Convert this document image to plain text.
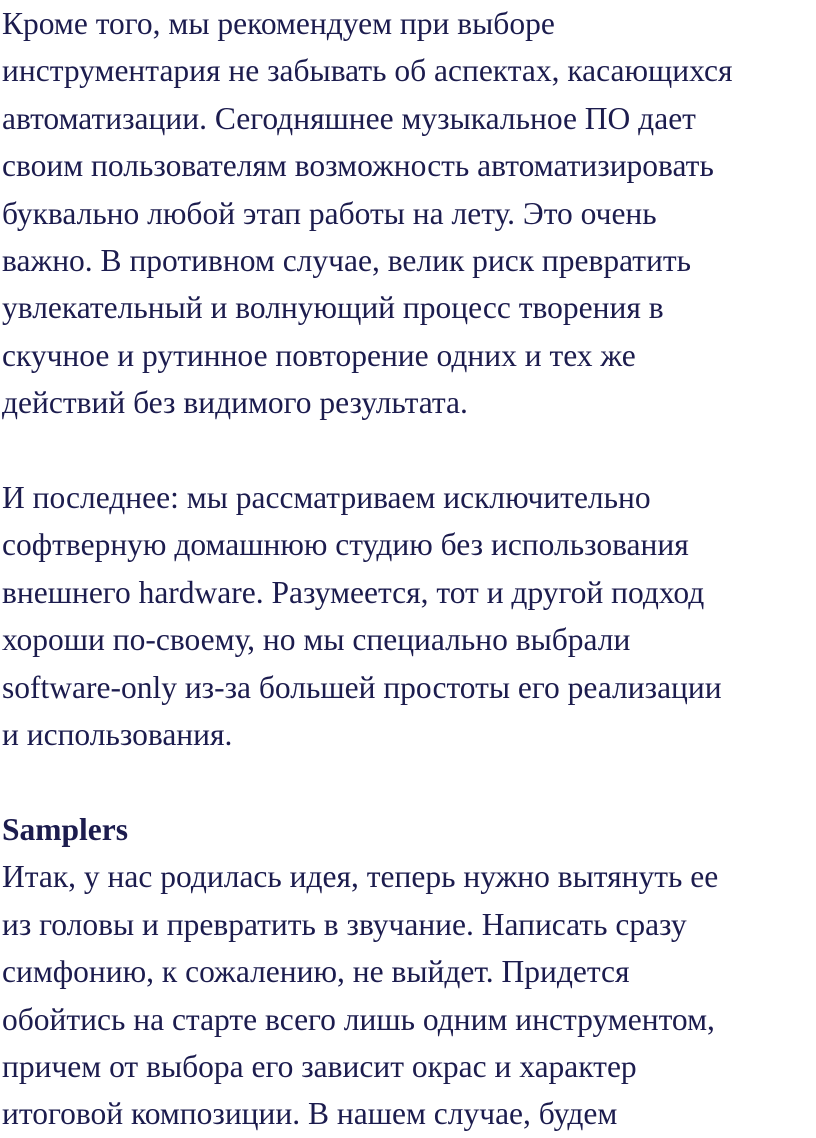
Кроме того, мы рекомендуем при выборе

инструментария не забывать об аспектах, касающихся

автоматизации. Сегодняшнее музыкальное ПО дает

своим пользователям возможность автоматизировать

буквально любой этап работы на лету. Это очень

важно. В противном случае, велик риск превратить

увлекательный и волнующий процесс творения в

скучное и рутинное повторение одних и тех же

действий без видимого результата.

И последнее: мы рассматриваем исключительно

софтверную домашнюю студию без использования

внешнего hardware. Разумеется, тот и другой подход

хороши по-своему, но мы специально выбрали

software-only из-за большей простоты его реализации

и использования.

Samplers

Итак, у нас родилась идея, теперь нужно вытянуть ее

из головы и превратить в звучание. Написать сразу

симфонию, к сожалению, не выйдет. Придется

обойтись на старте всего лишь одним инструментом,

причем от выбора его зависит окрас и характер

итоговой композиции. В нашем случае, будем
